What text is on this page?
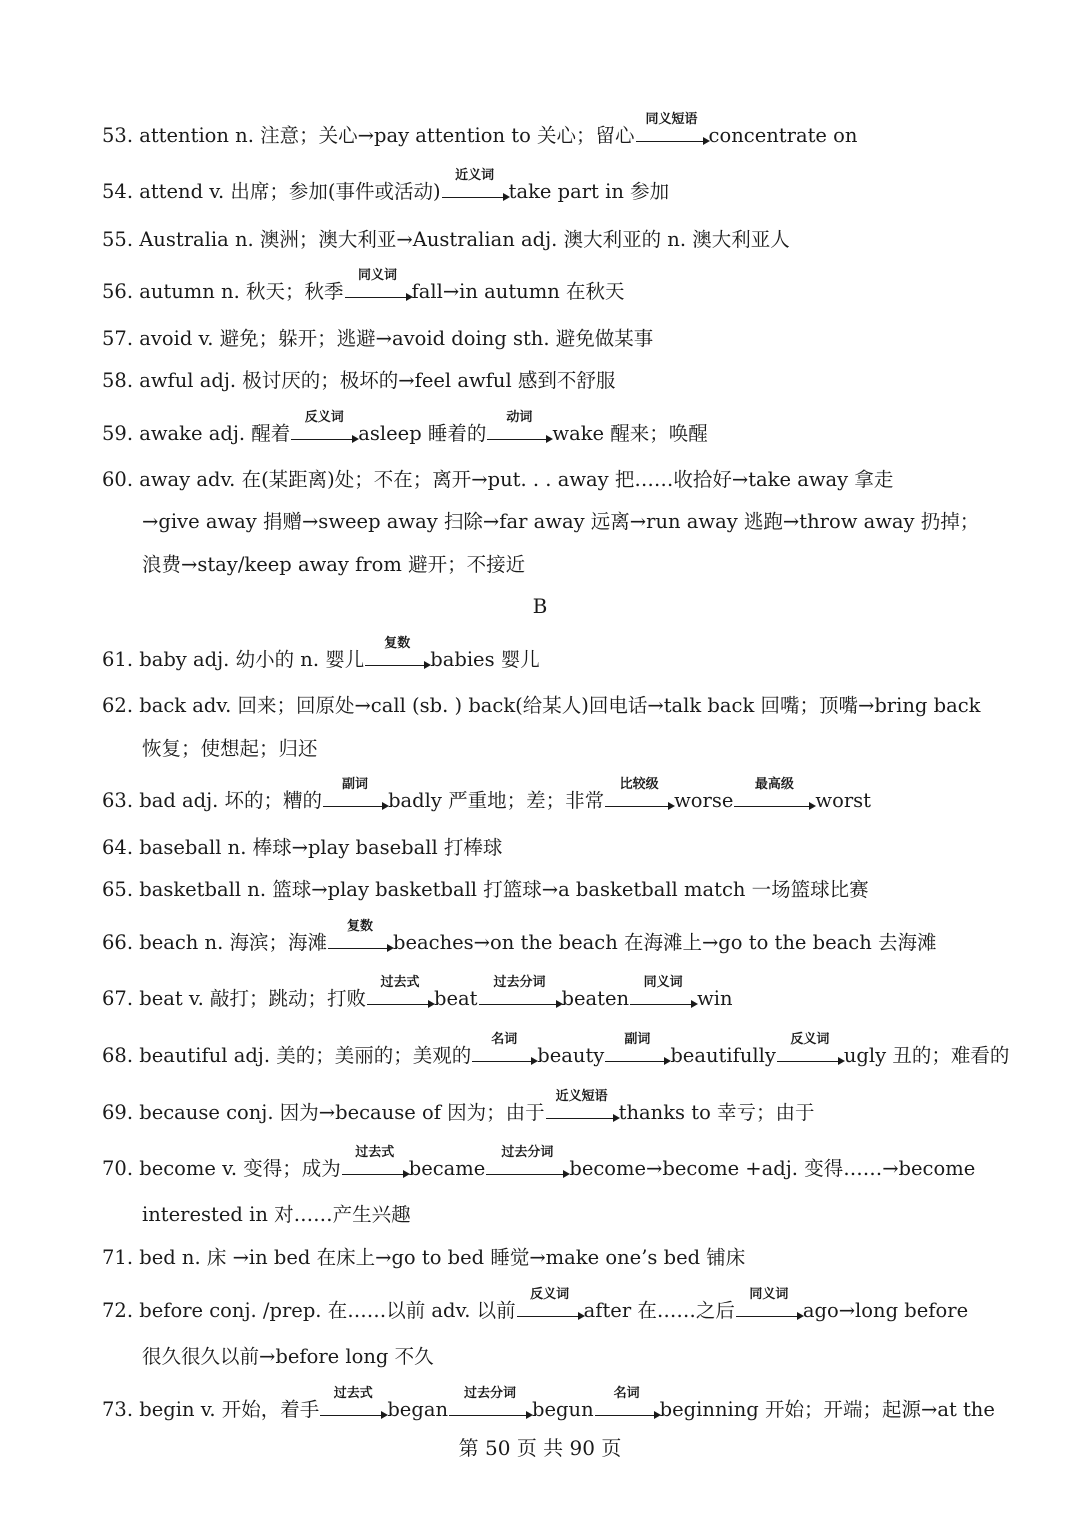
53. attention n. 注意；关心→pay attention to 关心；留心
同义短语
concentrate on
54. attend v. 出席；参加(事件或活动)
近义词
take part in 参加
55. Australia n. 澳洲；澳大利亚→Australian adj. 澳大利亚的 n. 澳大利亚人
56. autumn n. 秋天；秋季
同义词
fall→in autumn 在秋天
57. avoid v. 避免；躲开；逃避→avoid doing sth. 避免做某事
58. awful adj. 极讨厌的；极坏的→feel awful 感到不舒服
59. awake adj. 醒着
反义词
asleep 睡着的
动词
wake 醒来；唤醒
60. away adv. 在(某距离)处；不在；离开→put. . . away 把……收拾好→take away 拿走
→give away 捐赠→sweep away 扫除→far away 远离→run away 逃跑→throw away 扔掉；
浪费→stay/keep away from 避开；不接近
61. baby adj. 幼小的 n. 婴儿
复数
babies 婴儿
62. back adv. 回来；回原处→call (sb. ) back(给某人)回电话→talk back 回嘴；顶嘴→bring back
恢复；使想起；归还
63. bad adj. 坏的；糟的
副词
badly 严重地；差；非常
比较级
worse
最高级
worst
64. baseball n. 棒球→play baseball 打棒球
65. basketball n. 篮球→play basketball 打篮球→a basketball match 一场篮球比赛
66. beach n. 海滨；海滩
复数
beaches→on the beach 在海滩上→go to the beach 去海滩
67. beat v. 敲打；跳动；打败
过去式
beat
过去分词
beaten
同义词
win
68. beautiful adj. 美的；美丽的；美观的
名词
beauty
副词
beautifully
反义词
ugly 丑的；难看的
69. because conj. 因为→because of 因为；由于
近义短语
thanks to 幸亏；由于
70. become v. 变得；成为
过去式
became
过去分词
become→become +adj. 变得……→become
interested in 对……产生兴趣
71. bed n. 床 →in bed 在床上→go to bed 睡觉→make one’s bed 铺床
72. before conj. /prep. 在……以前 adv. 以前
反义词
after 在……之后
同义词
ago→long before
很久很久以前→before long 不久
73. begin v. 开始，着手
过去式
began
过去分词
begun
名词
beginning 开始；开端；起源→at the
B
第 50 页 共 90 页
